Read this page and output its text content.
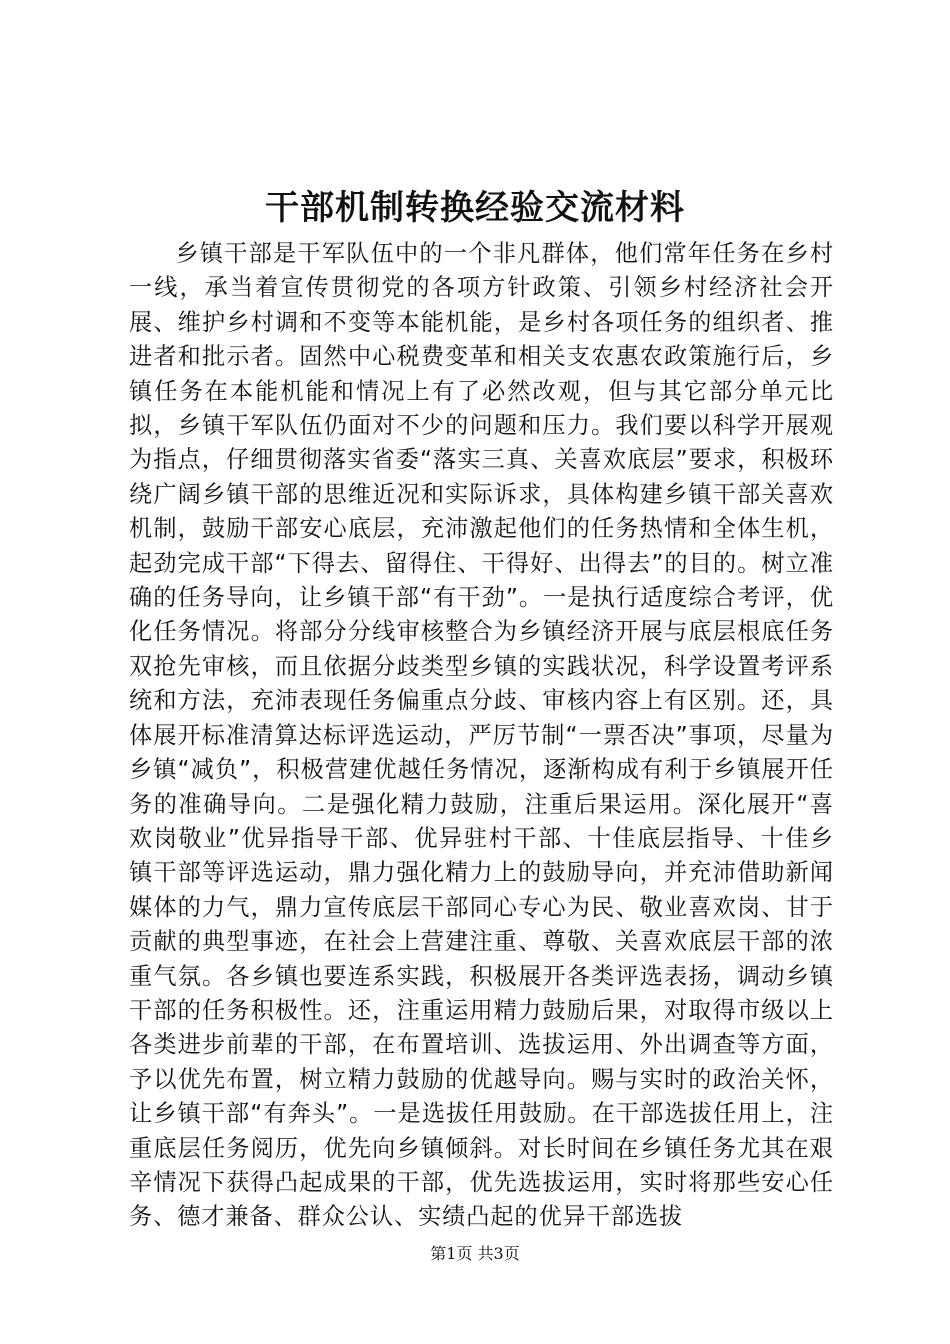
干部机制转换经验交流材料

乡镇干部是干军队伍中的一个非凡群体，他们常年任务在乡村一线，承当着宣传贯彻党的各项方针政策、引领乡村经济社会开展、维护乡村调和不变等本能机能，是乡村各项任务的组织者、推进者和批示者。固然中心税费变革和相关支农惠农政策施行后，乡镇任务在本能机能和情况上有了必然改观，但与其它部分单元比拟，乡镇干军队伍仍面对不少的问题和压力。我们要以科学开展观为指点，仔细贯彻落实省委“落实三真、关喜欢底层”要求，积极环绕广阔乡镇干部的思维近况和实际诉求，具体构建乡镇干部关喜欢机制，鼓励干部安心底层，充沛激起他们的任务热情和全体生机，起劲完成干部“下得去、留得住、干得好、出得去”的目的。树立准确的任务导向，让乡镇干部“有干劲”。一是执行适度综合考评，优化任务情况。将部分分线审核整合为乡镇经济开展与底层根底任务双抢先审核，而且依据分歧类型乡镇的实践状况，科学设置考评系统和方法，充沛表现任务偏重点分歧、审核内容上有区别。还，具体展开标准清算达标评选运动，严厉节制“一票否决”事项，尽量为乡镇“减负”，积极营建优越任务情况，逐渐构成有利于乡镇展开任务的准确导向。二是强化精力鼓励，注重后果运用。深化展开“喜欢岗敬业”优异指导干部、优异驻村干部、十佳底层指导、十佳乡镇干部等评选运动，鼎力强化精力上的鼓励导向，并充沛借助新闻媒体的力气，鼎力宣传底层干部同心专心为民、敬业喜欢岗、甘于贡献的典型事迹，在社会上营建注重、尊敬、关喜欢底层干部的浓重气氛。各乡镇也要连系实践，积极展开各类评选表扬，调动乡镇干部的任务积极性。还，注重运用精力鼓励后果，对取得市级以上各类进步前辈的干部，在布置培训、选拔运用、外出调查等方面，予以优先布置，树立精力鼓励的优越导向。赐与实时的政治关怀，让乡镇干部“有奔头”。一是选拔任用鼓励。在干部选拔任用上，注重底层任务阅历，优先向乡镇倾斜。对长时间在乡镇任务尤其在艰辛情况下获得凸起成果的干部，优先选拔运用，实时将那些安心任务、德才兼备、群众公认、实绩凸起的优异干部选拔

第1页 共3页
